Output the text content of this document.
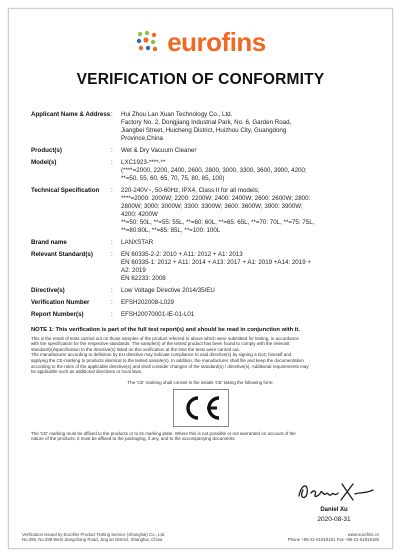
eurofins
VERIFICATION OF CONFORMITY
Applicant Name & Address :	Hui Zhou Lan Xuan Technology Co., Ltd.
Factory No. 2, Dongjiang Industrial Park, No. 6, Garden Road,
Jiangbei Street, Huicheng District, Huizhou City, Guangdong
Province,China
Product(s)	:	Wet & Dry Vacuum Cleaner
Model(s)	:	LXC1923-****-**
(****=2000, 2200, 2400, 2600, 2800, 3000, 3300, 3600, 3900, 4200;
**=50, 55, 60, 65, 70, 75, 80, 85, 100)
Technical Specification	:	220-240V~, 50-60Hz, IPX4, Class II for all models;
****=2000: 2000W; 2200: 2200W; 2400: 2400W; 2600: 2600W; 2800:
2800W; 3000: 3000W; 3300: 3300W; 3600: 3600W; 3900: 3900W;
4200: 4200W
**=50: 50L, **=55: 55L, **=60: 60L, **=65: 65L, **=70: 70L, **=75: 75L,
**=80:80L, **=85: 85L, **=100: 100L
Brand name	:	LANXSTAR
Relevant Standard(s)	:	EN 60335-2-2: 2010 + A11: 2012 + A1: 2013
EN 60335-1: 2012 + A11: 2014 + A13: 2017 + A1: 2019 +A14: 2019 +
A2: 2019
EN 62233: 2008
Directive(s)	:	Low Voltage Directive 2014/35/EU
Verification Number	:	EFSH202008-L029
Report Number(s)	:	EFSH20070001-IE-01-L01
NOTE 1: This verification is part of the full test report(s) and should be read in conjunction with it.
This is the result of tests carried out on those samples of the product referred to above which were submitted for testing, in accordance
with the specification for the respective standards. The sample(s) of the tested product has been found to comply with the relevant
standard(s)/specification to the directive(s) listed on this verification at the time the tests were carried out.
The manufacturer according to definition by EU directive may indicate compliance to said directive(s) by signing a DoC himself and
applying the CE-marking to products identical to the tested sample(s). In addition, the manufacturer shall file and keep the documentation
according to the rules of the applicable directive(s) and shall consider changes of the standard(s) / directive(s). Additional requirements may
be applicable such as additional directives or local laws.
The 'CE' marking shall consist in the initials 'CE' taking the following form:
The 'CE' marking must be affixed to the products or to its marking plate. Where this is not possible or not warranted on account of the
nature of the products, it must be affixed to the packaging, if any, and to the accompanying documents.
Daniel Xu
2020-08-31
Verification issued by Eurofins Product Testing Service (Shanghai) Co., Ltd.
No.395, No.399 West Jiangchang Road, Jing an District, Shanghai, China
www.eurofins.cn
Phone +86-21-61819181 Fax +86-21-61819180
